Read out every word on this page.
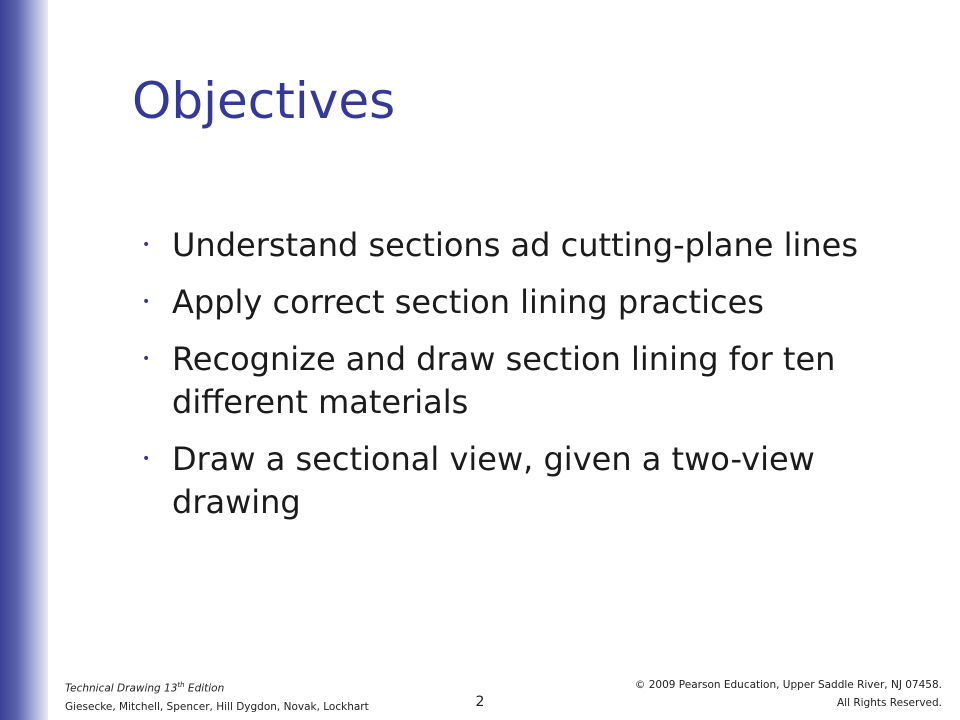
Objectives
• Understand sections ad cutting-plane lines
• Apply correct section lining practices
• Recognize and draw section lining for ten different materials
• Draw a sectional view, given a two-view drawing
Technical Drawing 13th Edition
Giesecke, Mitchell, Spencer, Hill Dygdon, Novak, Lockhart	2
© 2009 Pearson Education, Upper Saddle River, NJ 07458.
All Rights Reserved.
